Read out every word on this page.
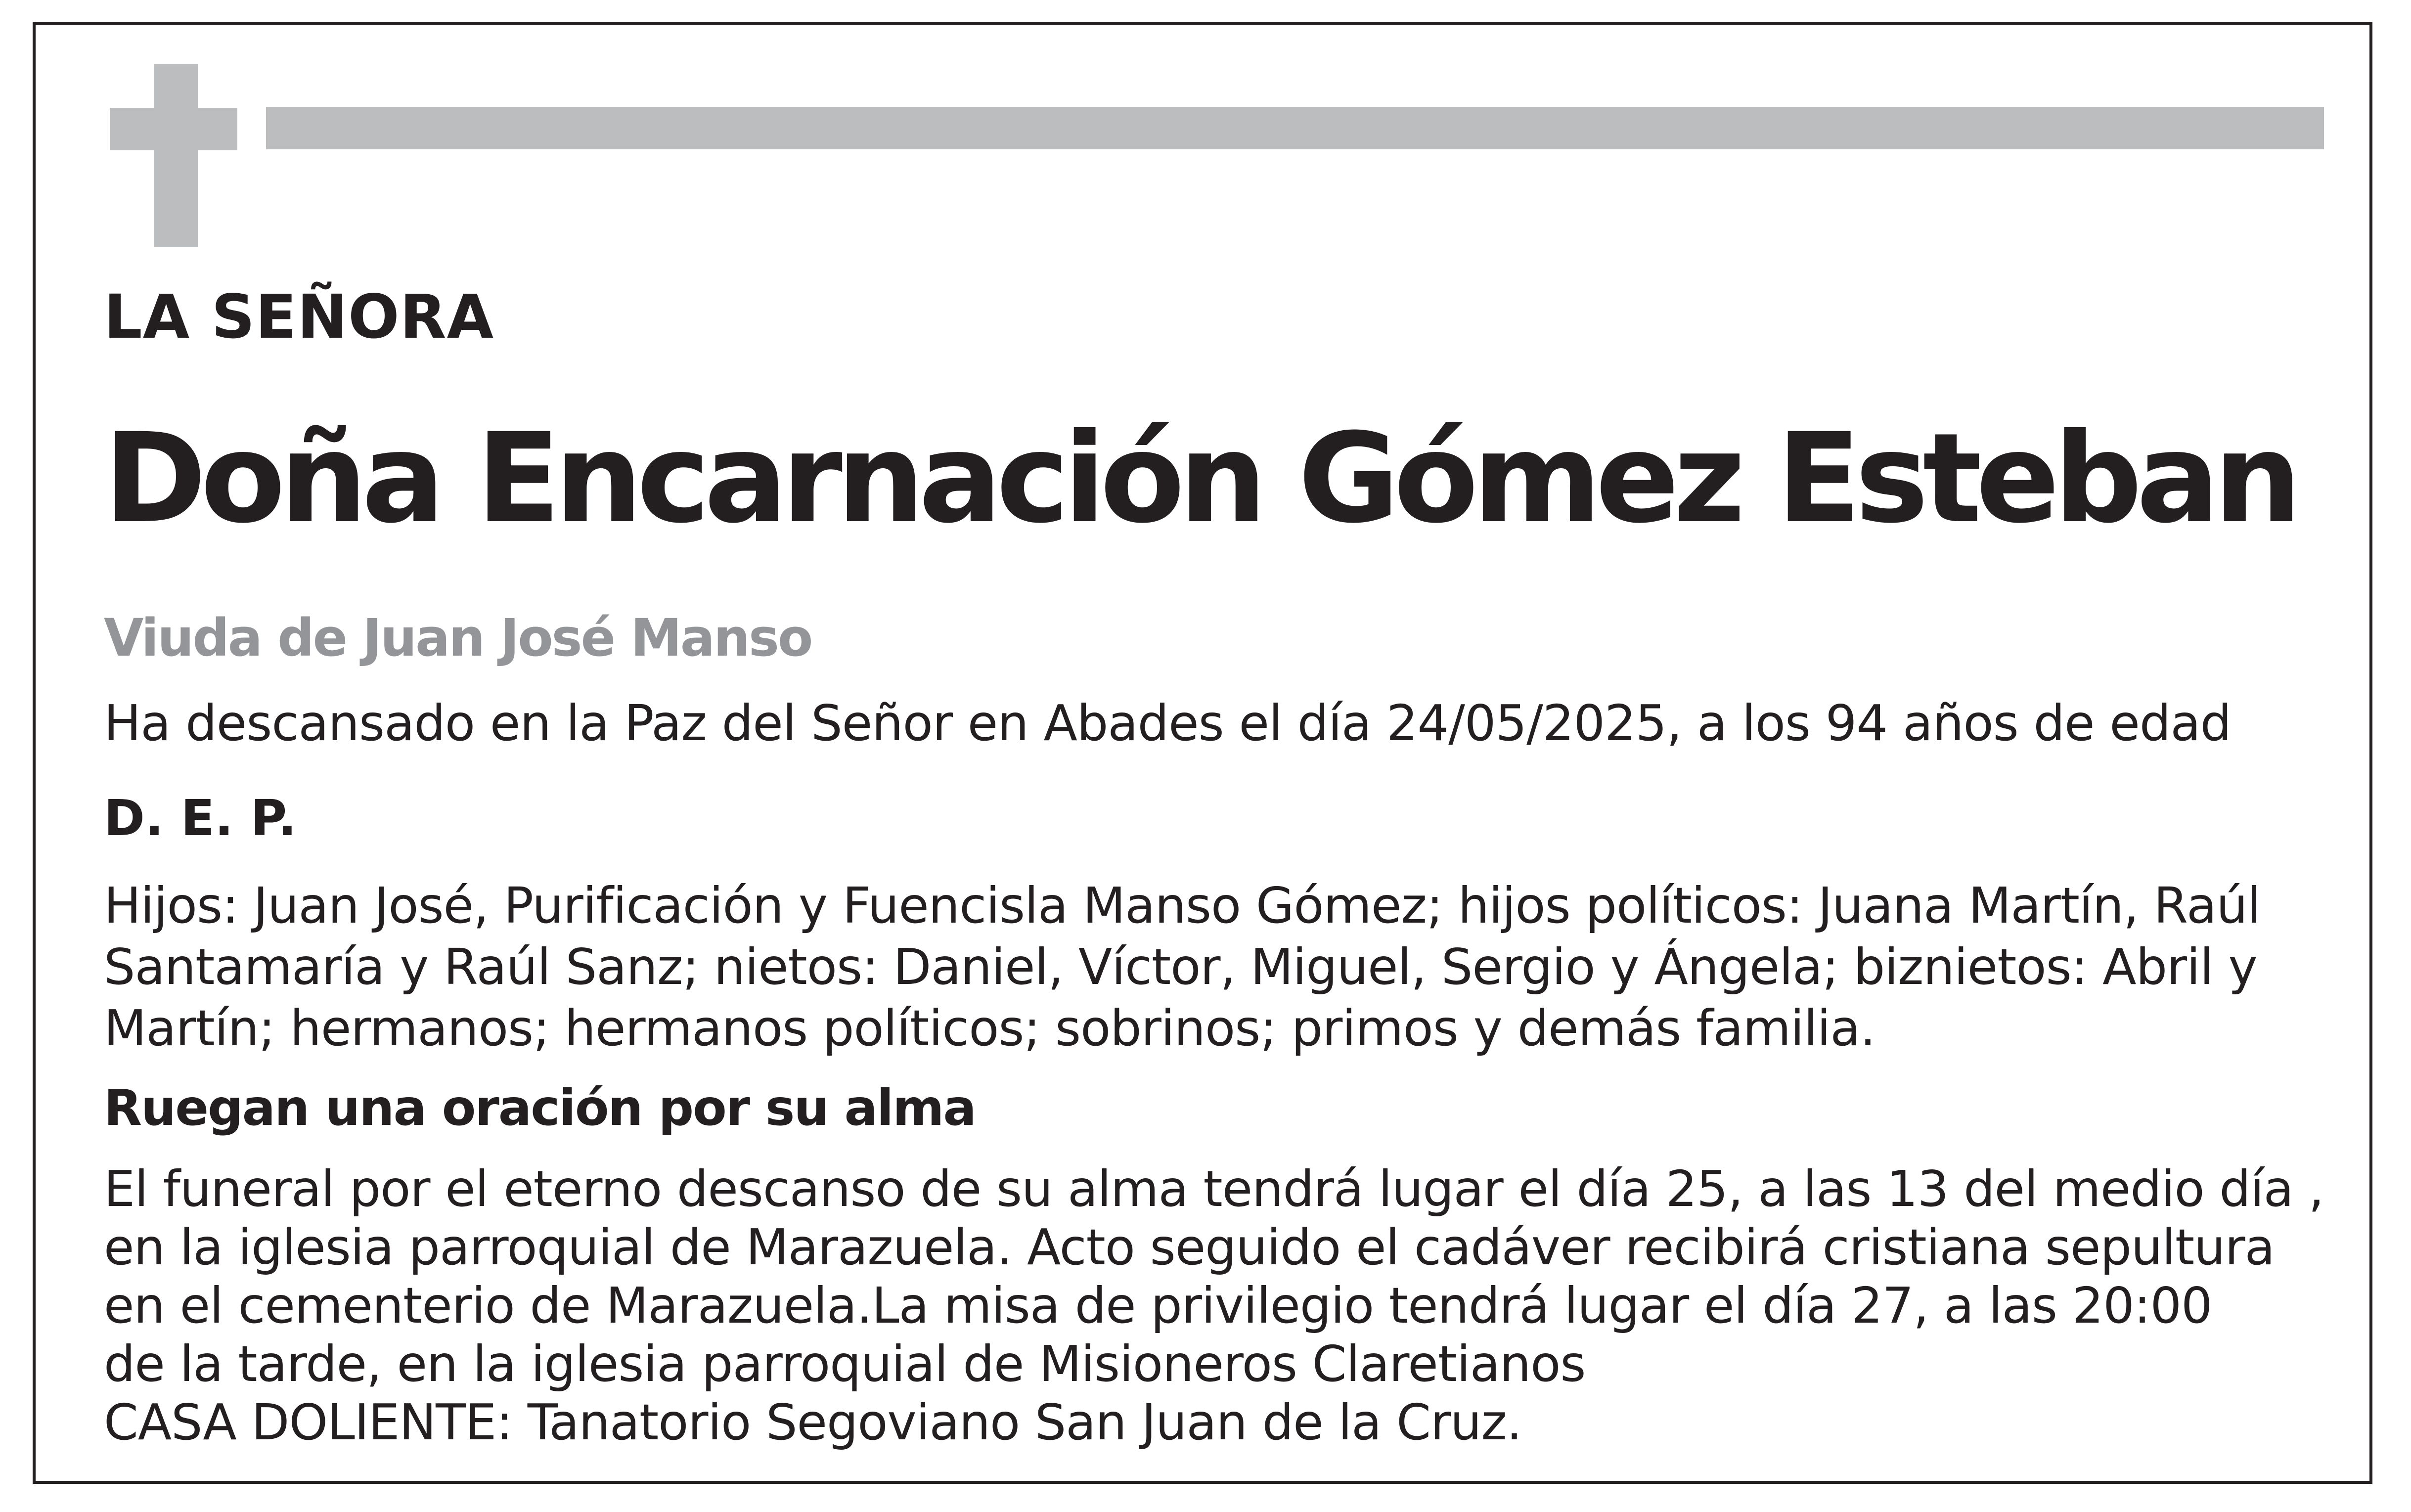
LA SEÑORA

Doña Encarnación Gómez Esteban

Viuda de Juan José Manso

Ha descansado en la Paz del Señor en Abades el día 24/05/2025, a los 94 años de edad

D. E. P.

Hijos: Juan José, Purificación y Fuencisla Manso Gómez; hijos políticos: Juana Martín, Raúl
Santamaría y Raúl Sanz; nietos: Daniel, Víctor, Miguel, Sergio y Ángela; biznietos: Abril y
Martín; hermanos; hermanos políticos; sobrinos; primos y demás familia.

Ruegan una oración por su alma

El funeral por el eterno descanso de su alma tendrá lugar el día 25, a las 13 del medio día ,
en la iglesia parroquial de Marazuela. Acto seguido el cadáver recibirá cristiana sepultura
en el cementerio de Marazuela.La misa de privilegio tendrá lugar el día 27, a las 20:00
de la tarde, en la iglesia parroquial de Misioneros Claretianos
CASA DOLIENTE: Tanatorio Segoviano San Juan de la Cruz.
